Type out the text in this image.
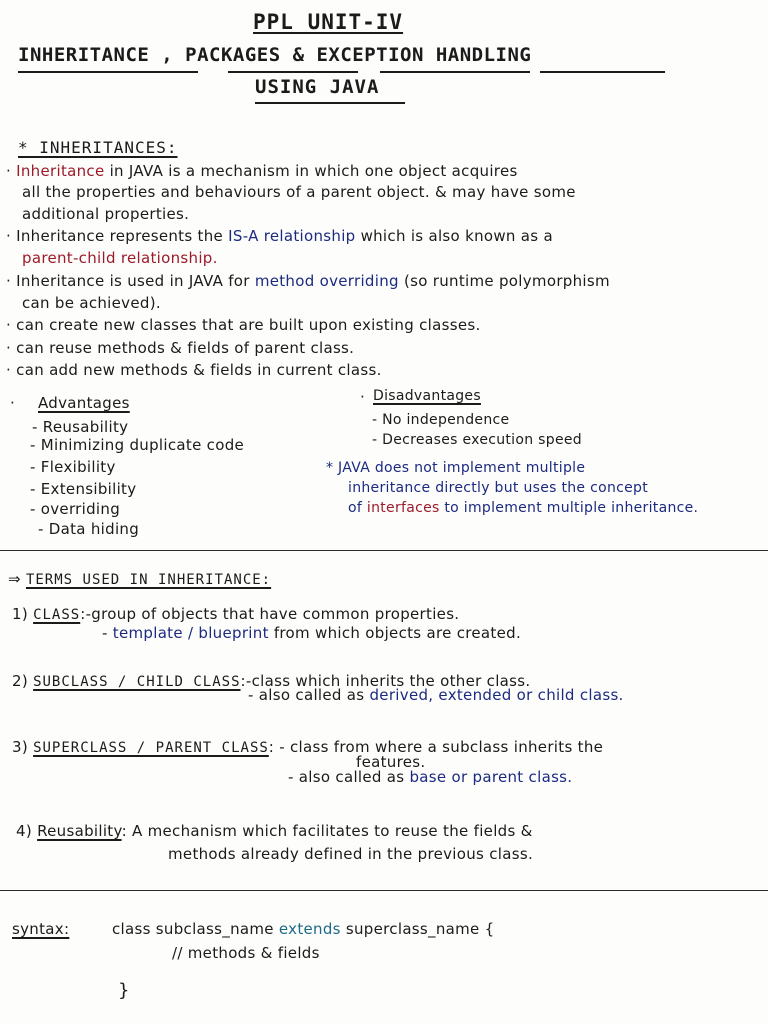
PPL UNIT-IV
INHERITANCE , PACKAGES & EXCEPTION HANDLING
USING JAVA
* INHERITANCES:
· Inheritance in JAVA is a mechanism in which one object acquires
all the properties and behaviours of a parent object. & may have some
additional properties.
· Inheritance represents the IS-A relationship which is also known as a
parent-child relationship.
· Inheritance is used in JAVA for method overriding (so runtime polymorphism
can be achieved).
· can create new classes that are built upon existing classes.
· can reuse methods & fields of parent class.
· can add new methods & fields in current class.
· Advantages
- Reusability
- Minimizing duplicate code
- Flexibility
- Extensibility
- overriding
- Data hiding
· Disadvantages
- No independence
- Decreases execution speed
* JAVA does not implement multiple
inheritance directly but uses the concept
of interfaces to implement multiple inheritance.
⇒ TERMS USED IN INHERITANCE:
1) CLASS:-group of objects that have common properties.
- template / blueprint from which objects are created.
2) SUBCLASS / CHILD CLASS:-class which inherits the other class.
- also called as derived, extended or child class.
3) SUPERCLASS / PARENT CLASS: - class from where a subclass inherits the
features.
- also called as base or parent class.
4) Reusability: A mechanism which facilitates to reuse the fields &
methods already defined in the previous class.
syntax:	class subclass_name extends superclass_name {
// methods & fields
}
